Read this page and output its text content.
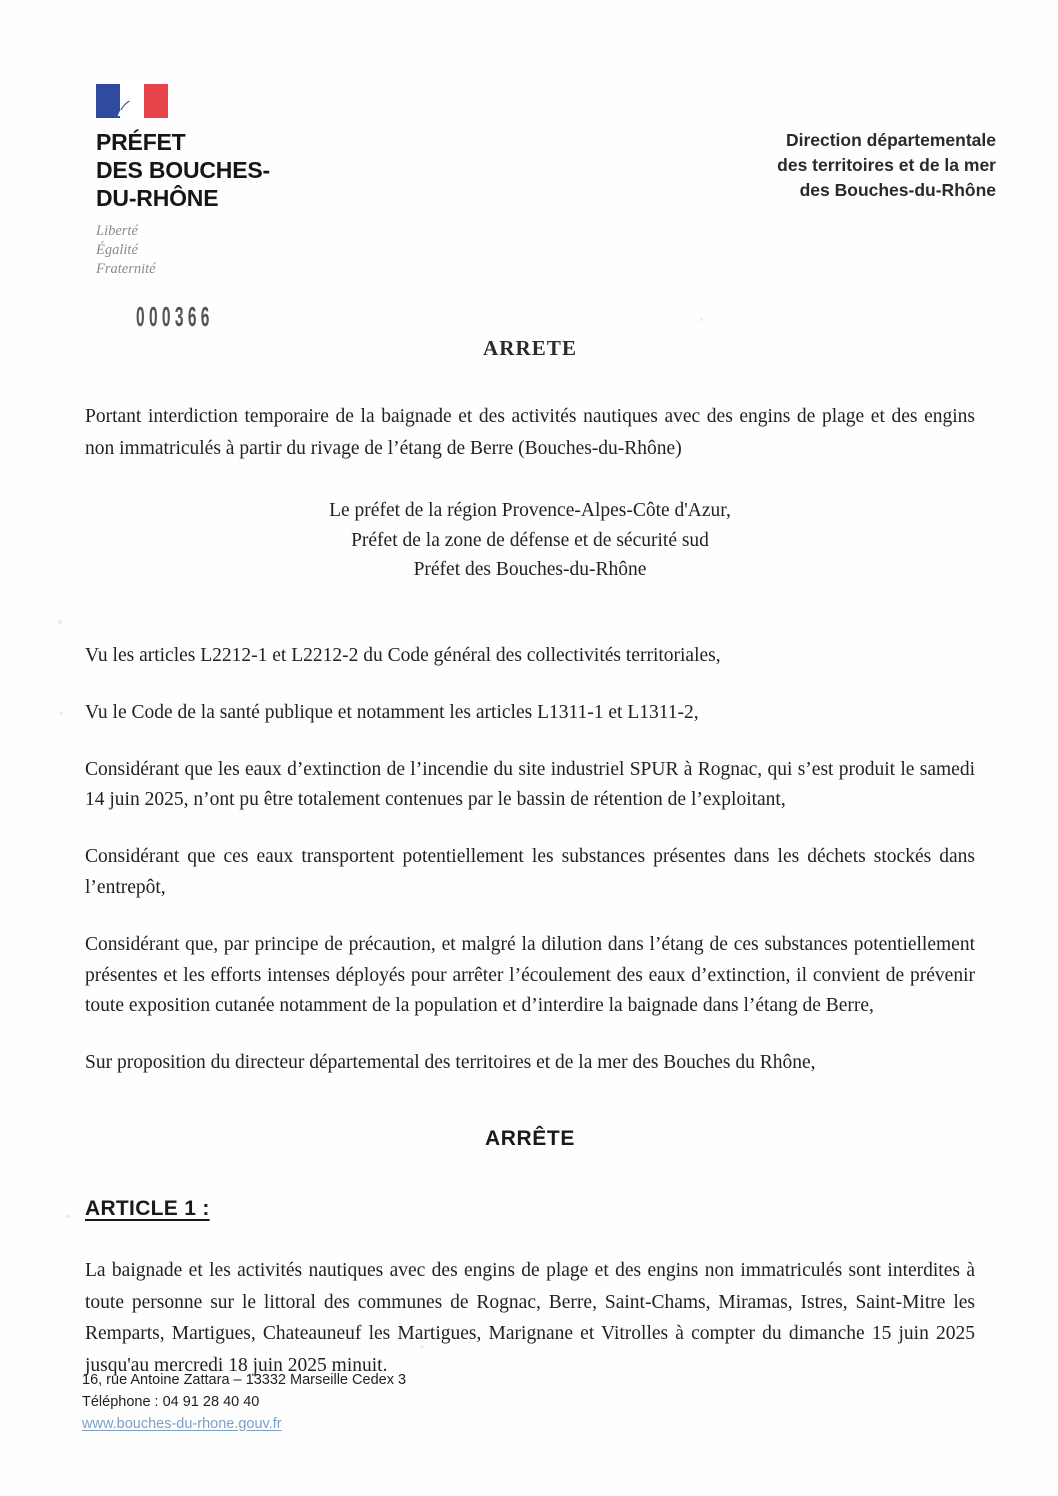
PRÉFET
DES BOUCHES-
DU-RHÔNE
Liberté
Égalité
Fraternité
Direction départementale
des territoires et de la mer
des Bouches-du-Rhône
000366
ARRETE

Portant interdiction temporaire de la baignade et des activités nautiques avec des engins de plage et des engins non immatriculés à partir du rivage de l’étang de Berre (Bouches-du-Rhône)

Le préfet de la région Provence-Alpes-Côte d'Azur,
Préfet de la zone de défense et de sécurité sud
Préfet des Bouches-du-Rhône

Vu les articles L2212-1 et L2212-2 du Code général des collectivités territoriales,

Vu le Code de la santé publique et notamment les articles L1311-1 et L1311-2,

Considérant que les eaux d’extinction de l’incendie du site industriel SPUR à Rognac, qui s’est produit le samedi 14 juin 2025, n’ont pu être totalement contenues par le bassin de rétention de l’exploitant,

Considérant que ces eaux transportent potentiellement les substances présentes dans les déchets stockés dans l’entrepôt,

Considérant que, par principe de précaution, et malgré la dilution dans l’étang de ces substances potentiellement présentes et les efforts intenses déployés pour arrêter l’écoulement des eaux d’extinction, il convient de prévenir toute exposition cutanée notamment de la population et d’interdire la baignade dans l’étang de Berre,

Sur proposition du directeur départemental des territoires et de la mer des Bouches du Rhône,

ARRÊTE
ARTICLE 1 :

La baignade et les activités nautiques avec des engins de plage et des engins non immatriculés sont interdites à toute personne sur le littoral des communes de Rognac, Berre, Saint-Chams, Miramas, Istres, Saint-Mitre les Remparts, Martigues, Chateauneuf les Martigues, Marignane et Vitrolles à compter du dimanche 15 juin 2025 jusqu'au mercredi 18 juin 2025 minuit.

16, rue Antoine Zattara – 13332 Marseille Cedex 3
Téléphone : 04 91 28 40 40
www.bouches-du-rhone.gouv.fr
